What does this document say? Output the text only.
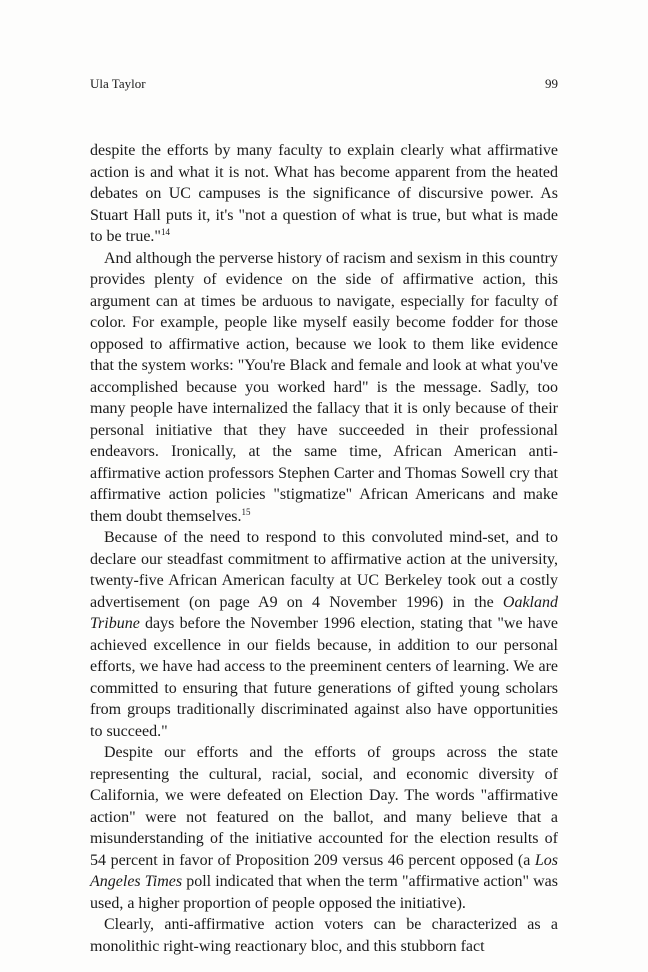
Ula Taylor	99

despite the efforts by many faculty to explain clearly what affirmative action is and what it is not. What has become apparent from the heated debates on UC campuses is the significance of discursive power. As Stuart Hall puts it, it's "not a question of what is true, but what is made to be true."$^{14}$

And although the perverse history of racism and sexism in this country provides plenty of evidence on the side of affirmative action, this argument can at times be arduous to navigate, especially for faculty of color. For example, people like myself easily become fodder for those opposed to affirmative action, because we look to them like evidence that the system works: "You're Black and female and look at what you've accomplished because you worked hard" is the message. Sadly, too many people have internalized the fallacy that it is only because of their personal initiative that they have succeeded in their professional endeavors. Ironically, at the same time, African American anti-affirmative action professors Stephen Carter and Thomas Sowell cry that affirmative action policies "stigmatize" African Americans and make them doubt themselves.$^{15}$

Because of the need to respond to this convoluted mind-set, and to declare our steadfast commitment to affirmative action at the university, twenty-five African American faculty at UC Berkeley took out a costly advertisement (on page A9 on 4 November 1996) in the Oakland Tribune days before the November 1996 election, stating that "we have achieved excellence in our fields because, in addition to our personal efforts, we have had access to the preeminent centers of learning. We are committed to ensuring that future generations of gifted young scholars from groups traditionally discriminated against also have opportunities to succeed."

Despite our efforts and the efforts of groups across the state representing the cultural, racial, social, and economic diversity of California, we were defeated on Election Day. The words "affirmative action" were not featured on the ballot, and many believe that a misunderstanding of the initiative accounted for the election results of 54 percent in favor of Proposition 209 versus 46 percent opposed (a Los Angeles Times poll indicated that when the term "affirmative action" was used, a higher proportion of people opposed the initiative).

Clearly, anti-affirmative action voters can be characterized as a monolithic right-wing reactionary bloc, and this stubborn fact
